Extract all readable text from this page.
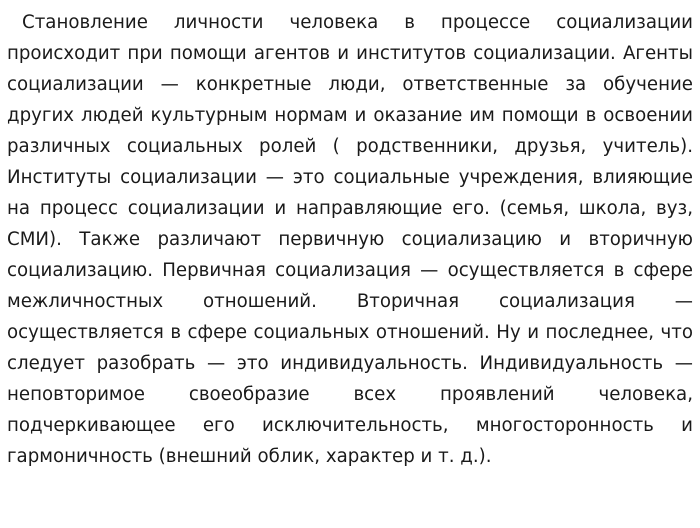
Становление личности человека в процессе социализации происходит при помощи агентов и институтов социализации. Агенты социализации — конкретные люди, ответственные за обучение других людей культурным нормам и оказание им помощи в освоении различных социальных ролей ( родственники, друзья, учитель). Институты социализации — это социальные учреждения, влияющие на процесс социализации и направляющие его. (семья, школа, вуз, СМИ). Также различают первичную социализацию и вторичную социализацию. Первичная социализация — осуществляется в сфере межличностных отношений. Вторичная социализация — осуществляется в сфере социальных отношений. Ну и последнее, что следует разобрать — это индивидуальность. Индивидуальность — неповторимое своеобразие всех проявлений человека, подчеркивающее его исключительность, многосторонность и гармоничность (внешний облик, характер и т. д.).
